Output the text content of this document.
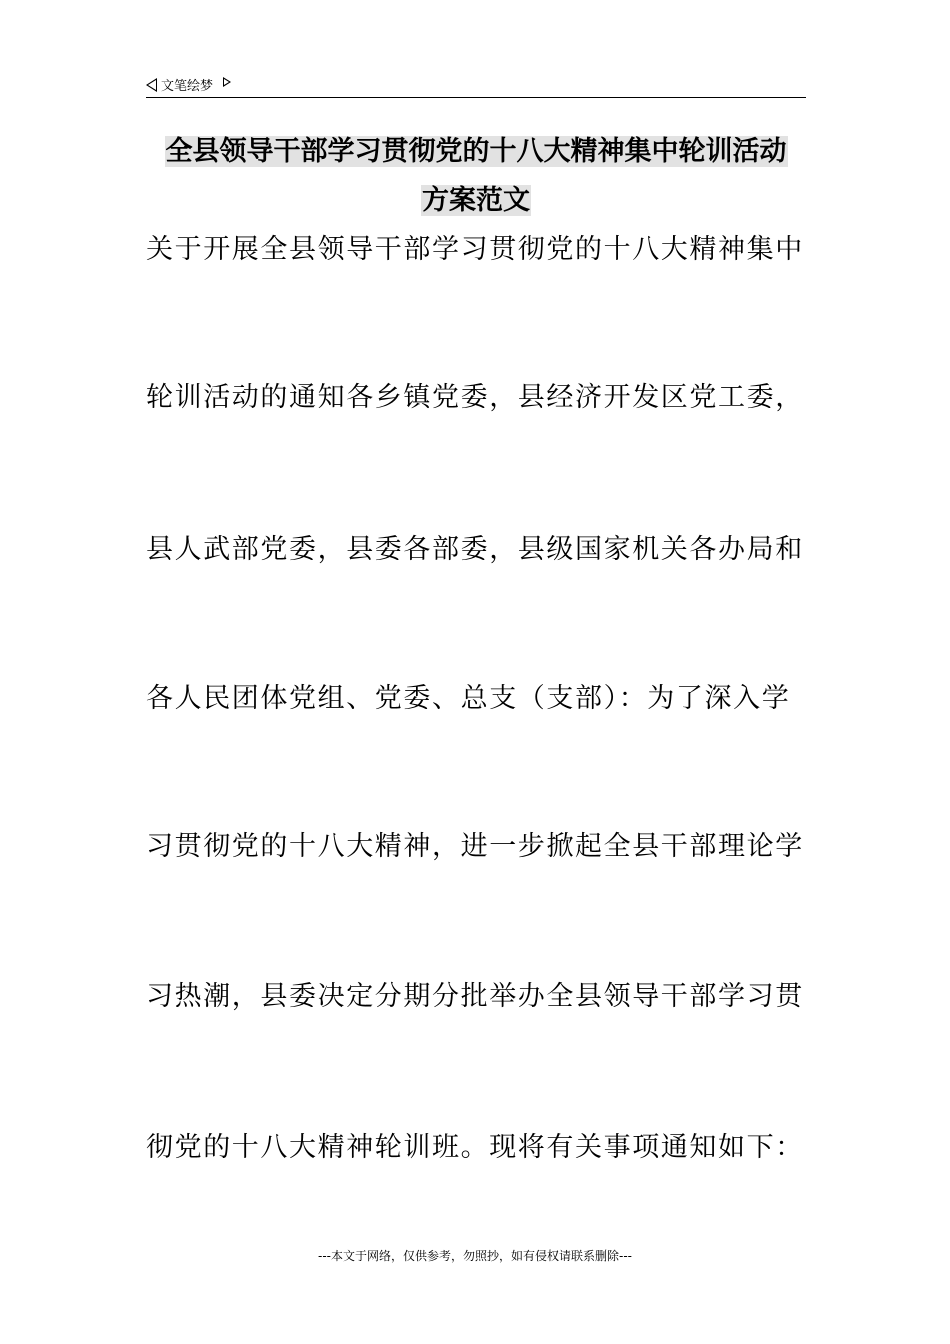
文笔绘梦
全县领导干部学习贯彻党的十八大精神集中轮训活动
方案范文
关于开展全县领导干部学习贯彻党的十八大精神集中
轮训活动的通知各乡镇党委，县经济开发区党工委，
县人武部党委，县委各部委，县级国家机关各办局和
各人民团体党组、党委、总支（支部）：为了深入学
习贯彻党的十八大精神，进一步掀起全县干部理论学
习热潮，县委决定分期分批举办全县领导干部学习贯
彻党的十八大精神轮训班。现将有关事项通知如下：
---本文于网络，仅供参考，勿照抄，如有侵权请联系删除---
